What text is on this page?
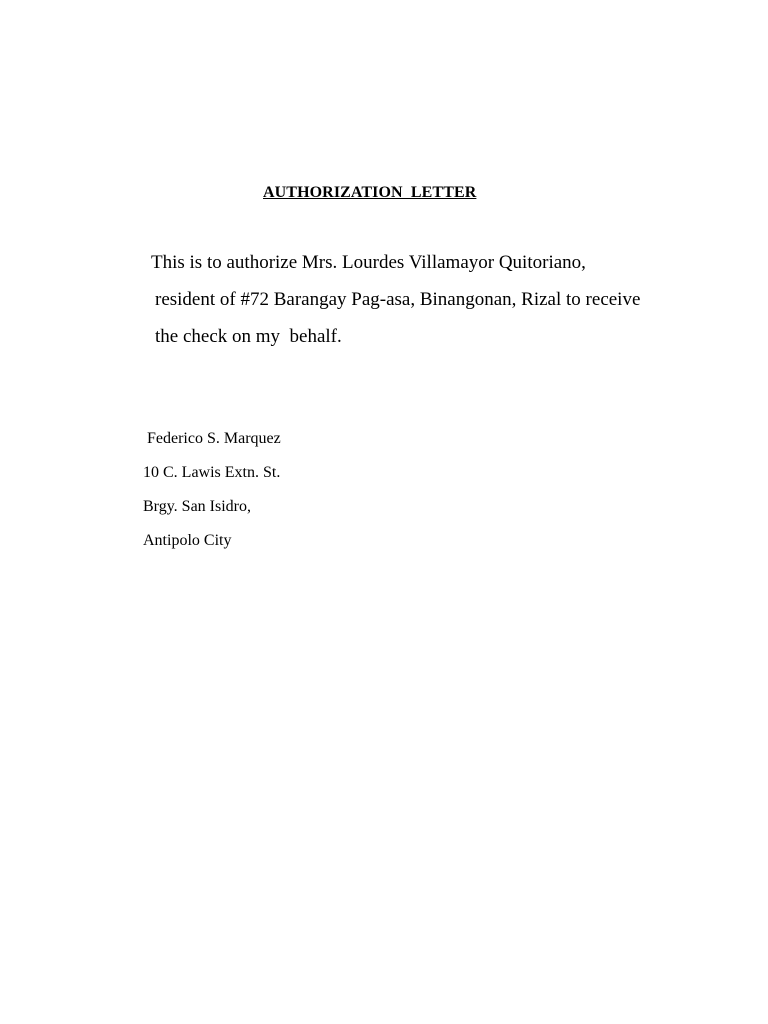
AUTHORIZATION  LETTER
This is to authorize Mrs. Lourdes Villamayor Quitoriano,
resident of #72 Barangay Pag-asa, Binangonan, Rizal to receive
the check on my  behalf.
Federico S. Marquez
10 C. Lawis Extn. St.
Brgy. San Isidro,
Antipolo City
